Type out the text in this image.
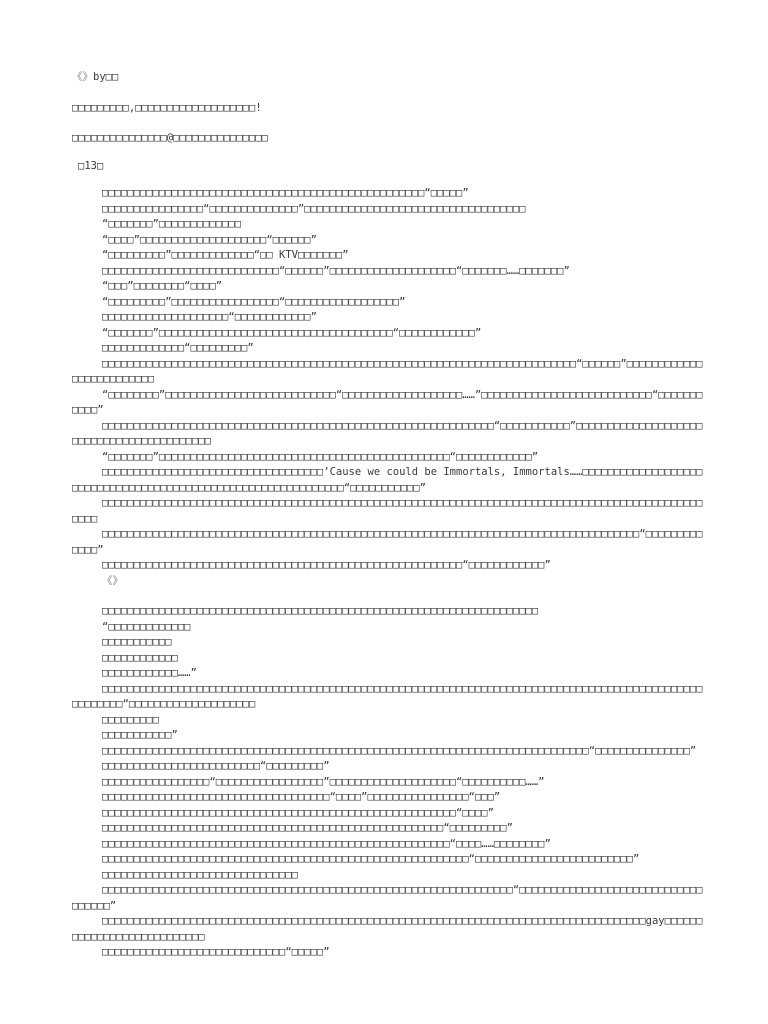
《》by□□
□□□□□□□□□,□□□□□□□□□□□□□□□□□□□!
□□□□□□□□□□□□□□□@□□□□□□□□□□□□□□□
□13□
□□□□□□□□□□□□□□□□□□□□□□□□□□□□□□□□□□□□□□□□□□□□□□□□□□□“□□□□□”
□□□□□□□□□□□□□□□□“□□□□□□□□□□□□□□”□□□□□□□□□□□□□□□□□□□□□□□□□□□□□□□□□□□
“□□□□□□□”□□□□□□□□□□□□□
“□□□□”□□□□□□□□□□□□□□□□□□□□“□□□□□□”
“□□□□□□□□□”□□□□□□□□□□□□□“□□ KTV□□□□□□□”
□□□□□□□□□□□□□□□□□□□□□□□□□□□□“□□□□□□”□□□□□□□□□□□□□□□□□□□□“□□□□□□□……□□□□□□□”
“□□□”□□□□□□□□“□□□□”
“□□□□□□□□□”□□□□□□□□□□□□□□□□□“□□□□□□□□□□□□□□□□□□”
□□□□□□□□□□□□□□□□□□□□“□□□□□□□□□□□□”
“□□□□□□□”□□□□□□□□□□□□□□□□□□□□□□□□□□□□□□□□□□□□□“□□□□□□□□□□□□”
□□□□□□□□□□□□□“□□□□□□□□□”
□□□□□□□□□□□□□□□□□□□□□□□□□□□□□□□□□□□□□□□□□□□□□□□□□□□□□□□□□□□□□□□□□□□□□□□□□□□“□□□□□□”□□□□□□□□□□□□□□□□□□□□□□□□□
“□□□□□□□□”□□□□□□□□□□□□□□□□□□□□□□□□□□□“□□□□□□□□□□□□□□□□□□□……”□□□□□□□□□□□□□□□□□□□□□□□□□□□“□□□□□□□□□□□”
□□□□□□□□□□□□□□□□□□□□□□□□□□□□□□□□□□□□□□□□□□□□□□□□□□□□□□□□□□□□□□“□□□□□□□□□□□”□□□□□□□□□□□□□□□□□□□□□□□□□□□□□□□□□□□□□□□□□□
“□□□□□□□”□□□□□□□□□□□□□□□□□□□□□□□□□□□□□□□□□□□□□□□□□□□□□□“□□□□□□□□□□□□”
□□□□□□□□□□□□□□□□□□□□□□□□□□□□□□□□□□□’Cause we could be Immortals, Immortals……□□□□□□□□□□□□□□□□□□□□□□□□□□□□□□□□□□□□□□□□□□□□□□□□□□□□□□□□□□□□□□“□□□□□□□□□□□”
□□□□□□□□□□□□□□□□□□□□□□□□□□□□□□□□□□□□□□□□□□□□□□□□□□□□□□□□□□□□□□□□□□□□□□□□□□□□□□□□□□□□□□□□□□□□□□□□□□□
□□□□□□□□□□□□□□□□□□□□□□□□□□□□□□□□□□□□□□□□□□□□□□□□□□□□□□□□□□□□□□□□□□□□□□□□□□□□□□□□□□□□□“□□□□□□□□□□□□□”
□□□□□□□□□□□□□□□□□□□□□□□□□□□□□□□□□□□□□□□□□□□□□□□□□□□□□□□□□“□□□□□□□□□□□□”
《》
□□□□□□□□□□□□□□□□□□□□□□□□□□□□□□□□□□□□□□□□□□□□□□□□□□□□□□□□□□□□□□□□□□□□□
“□□□□□□□□□□□□□
□□□□□□□□□□□
□□□□□□□□□□□□
□□□□□□□□□□□□……”
□□□□□□□□□□□□□□□□□□□□□□□□□□□□□□□□□□□□□□□□□□□□□□□□□□□□□□□□□□□□□□□□□□□□□□□□□□□□□□□□□□□□□□□□□□□□□□□□□□□□□□□“□□□□□□□□□□□□□□□□□□□□
□□□□□□□□□
□□□□□□□□□□□”
□□□□□□□□□□□□□□□□□□□□□□□□□□□□□□□□□□□□□□□□□□□□□□□□□□□□□□□□□□□□□□□□□□□□□□□□□□□□□“□□□□□□□□□□□□□□□”
□□□□□□□□□□□□□□□□□□□□□□□□□“□□□□□□□□□”
□□□□□□□□□□□□□□□□□“□□□□□□□□□□□□□□□□□”□□□□□□□□□□□□□□□□□□□□“□□□□□□□□□□……”
□□□□□□□□□□□□□□□□□□□□□□□□□□□□□□□□□□□□“□□□□”□□□□□□□□□□□□□□□□“□□□”
□□□□□□□□□□□□□□□□□□□□□□□□□□□□□□□□□□□□□□□□□□□□□□□□□□□□□□□□“□□□□”
□□□□□□□□□□□□□□□□□□□□□□□□□□□□□□□□□□□□□□□□□□□□□□□□□□□□□□“□□□□□□□□□”
□□□□□□□□□□□□□□□□□□□□□□□□□□□□□□□□□□□□□□□□□□□□□□□□□□□□□□□“□□□□……□□□□□□□□”
□□□□□□□□□□□□□□□□□□□□□□□□□□□□□□□□□□□□□□□□□□□□□□□□□□□□□□□□□□“□□□□□□□□□□□□□□□□□□□□□□□□□”
□□□□□□□□□□□□□□□□□□□□□□□□□□□□□□□
□□□□□□□□□□□□□□□□□□□□□□□□□□□□□□□□□□□□□□□□□□□□□□□□□□□□□□□□□□□□□□□□□“□□□□□□□□□□□□□□□□□□□□□□□□□□□□□□□□□□□”
□□□□□□□□□□□□□□□□□□□□□□□□□□□□□□□□□□□□□□□□□□□□□□□□□□□□□□□□□□□□□□□□□□□□□□□□□□□□□□□□□□□□□□gay□□□□□□□□□□□□□□□□□□□□□□□□□□□
□□□□□□□□□□□□□□□□□□□□□□□□□□□□□“□□□□□”
